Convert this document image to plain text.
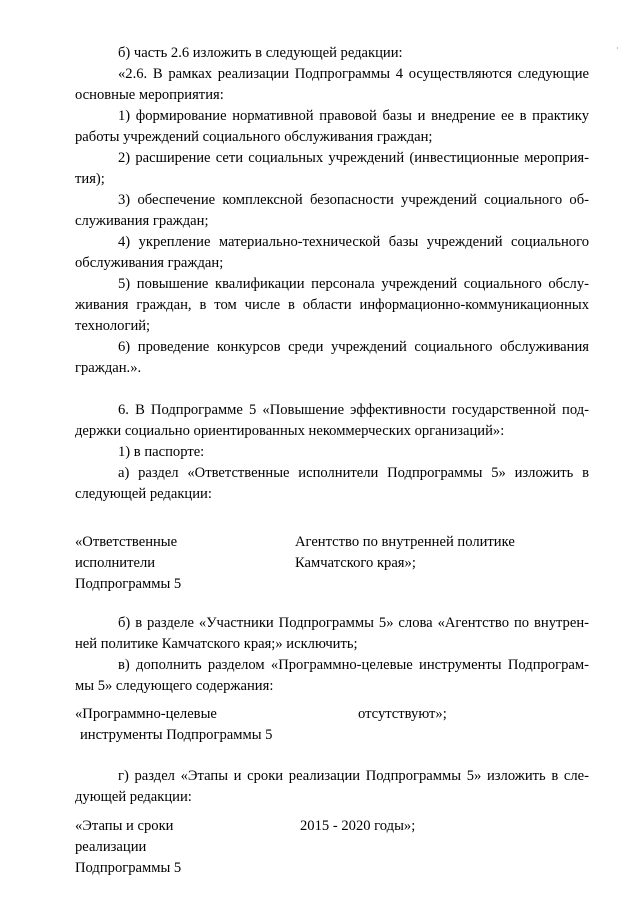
·
б) часть 2.6 изложить в следующей редакции:
«2.6. В рамках реализации Подпрограммы 4 осуществляются следующие
основные мероприятия:
1) формирование нормативной правовой базы и внедрение ее в практику
работы учреждений социального обслуживания граждан;
2) расширение сети социальных учреждений (инвестиционные мероприя-
тия);
3) обеспечение комплексной безопасности учреждений социального об-
служивания граждан;
4) укрепление материально-технической базы учреждений социального
обслуживания граждан;
5) повышение квалификации персонала учреждений социального обслу-
живания граждан, в том числе в области информационно-коммуникационных
технологий;
6) проведение конкурсов среди учреждений социального обслуживания
граждан.».
6. В Подпрограмме 5 «Повышение эффективности государственной под-
держки социально ориентированных некоммерческих организаций»:
1) в паспорте:
а) раздел «Ответственные исполнители Подпрограммы 5» изложить в
следующей редакции:
«Ответственные
исполнители
Подпрограммы 5
Агентство по внутренней политике
Камчатского края»;
б) в разделе «Участники Подпрограммы 5» слова «Агентство по внутрен-
ней политике Камчатского края;» исключить;
в) дополнить разделом «Программно-целевые инструменты Подпрограм-
мы 5» следующего содержания:
«Программно-целевые
инструменты Подпрограммы 5
отсутствуют»;
г) раздел «Этапы и сроки реализации Подпрограммы 5» изложить в сле-
дующей редакции:
«Этапы и сроки
реализации
Подпрограммы 5
2015 - 2020 годы»;
